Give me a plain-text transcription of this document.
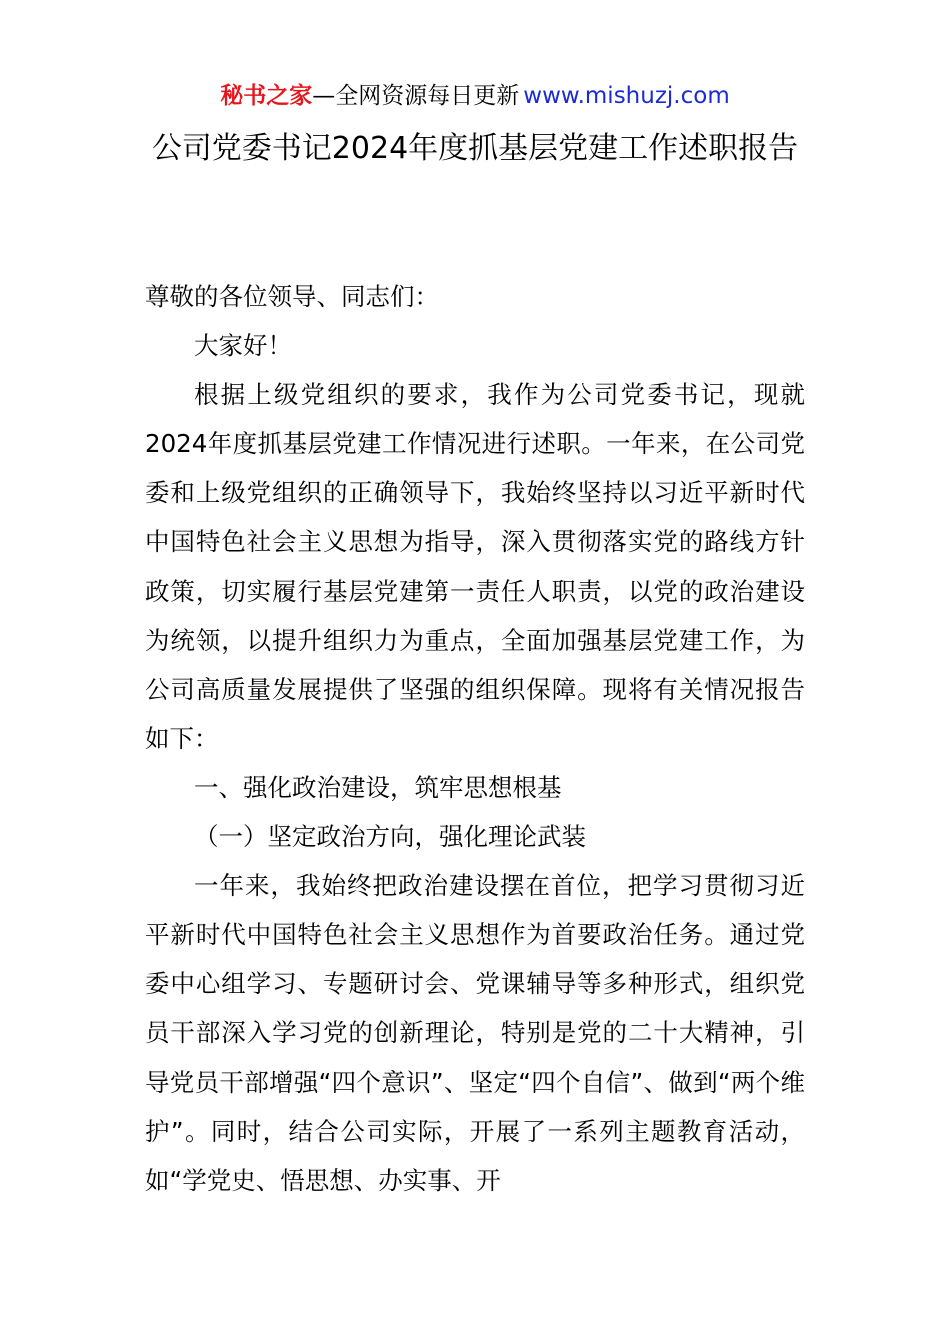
秘书之家—全网资源每日更新 www.mishuzj.com
公司党委书记2024年度抓基层党建工作述职报告

尊敬的各位领导、同志们：

大家好！

根据上级党组织的要求，我作为公司党委书记，现就2024年度抓基层党建工作情况进行述职。一年来，在公司党委和上级党组织的正确领导下，我始终坚持以习近平新时代中国特色社会主义思想为指导，深入贯彻落实党的路线方针政策，切实履行基层党建第一责任人职责，以党的政治建设为统领，以提升组织力为重点，全面加强基层党建工作，为公司高质量发展提供了坚强的组织保障。现将有关情况报告如下：

一、强化政治建设，筑牢思想根基

（一）坚定政治方向，强化理论武装

一年来，我始终把政治建设摆在首位，把学习贯彻习近平新时代中国特色社会主义思想作为首要政治任务。通过党委中心组学习、专题研讨会、党课辅导等多种形式，组织党员干部深入学习党的创新理论，特别是党的二十大精神，引导党员干部增强“四个意识”、坚定“四个自信”、做到“两个维护”。同时，结合公司实际，开展了一系列主题教育活动，如“学党史、悟思想、办实事、开
